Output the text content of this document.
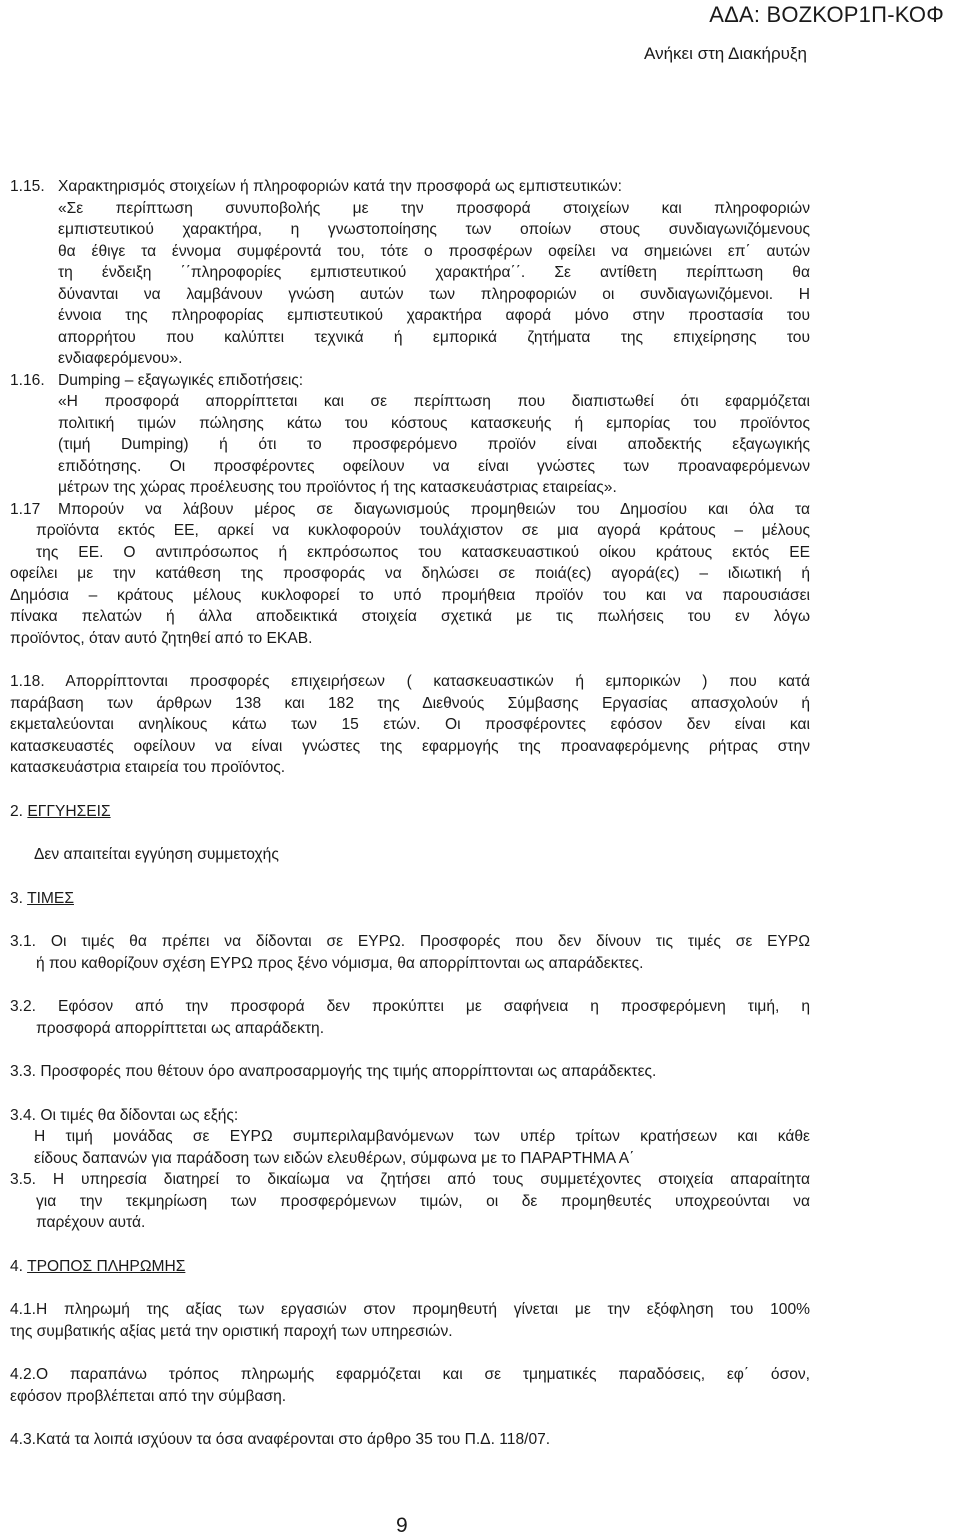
ΑΔΑ: ΒΟΖΚΟΡ1Π-ΚΟΦ
Ανήκει στη Διακήρυξη
1.15. Χαρακτηρισμός στοιχείων ή πληροφοριών κατά την προσφορά ως εμπιστευτικών:
«Σε περίπτωση συνυποβολής με την προσφορά στοιχείων και πληροφοριών
εμπιστευτικού χαρακτήρα, η γνωστοποίησης των οποίων στους συνδιαγωνιζόμενους
θα έθιγε τα έννομα συμφέροντά του, τότε ο προσφέρων οφείλει να σημειώνει επ΄ αυτών
τη ένδειξη ΄΄πληροφορίες εμπιστευτικού χαρακτήρα΄΄. Σε αντίθετη περίπτωση θα
δύνανται να λαμβάνουν γνώση αυτών των πληροφοριών οι συνδιαγωνιζόμενοι. Η
έννοια της πληροφορίας εμπιστευτικού χαρακτήρα αφορά μόνο στην προστασία του
απορρήτου που καλύπτει τεχνικά ή εμπορικά ζητήματα της επιχείρησης του
ενδιαφερόμενου».
1.16. Dumping – εξαγωγικές επιδοτήσεις:
«Η προσφορά απορρίπτεται και σε περίπτωση που διαπιστωθεί ότι εφαρμόζεται
πολιτική τιμών πώλησης κάτω του κόστους κατασκευής ή εμπορίας του προϊόντος
(τιμή Dumping) ή ότι το προσφερόμενο προϊόν είναι αποδεκτής εξαγωγικής
επιδότησης. Οι προσφέροντες οφείλουν να είναι γνώστες των προαναφερόμενων
μέτρων της χώρας προέλευσης του προϊόντος ή της κατασκευάστριας εταιρείας».
1.17	Μπορούν να λάβουν μέρος σε διαγωνισμούς προμηθειών του Δημοσίου και όλα τα
προϊόντα εκτός ΕΕ, αρκεί να κυκλοφορούν τουλάχιστον σε μια αγορά κράτους – μέλους
της ΕΕ. Ο αντιπρόσωπος ή εκπρόσωπος του κατασκευαστικού οίκου κράτους εκτός ΕΕ
οφείλει με την κατάθεση της προσφοράς να δηλώσει σε ποιά(ες) αγορά(ες) – ιδιωτική ή
Δημόσια – κράτους μέλους κυκλοφορεί το υπό προμήθεια προϊόν του και να παρουσιάσει
πίνακα πελατών ή άλλα αποδεικτικά στοιχεία σχετικά με τις πωλήσεις του εν λόγω
προϊόντος, όταν αυτό ζητηθεί από το ΕΚΑΒ.
1.18. Απορρίπτονται προσφορές επιχειρήσεων ( κατασκευαστικών ή εμπορικών ) που κατά
παράβαση των άρθρων 138 και 182 της Διεθνούς Σύμβασης Εργασίας απασχολούν ή
εκμεταλεύονται ανηλίκους κάτω των 15 ετών. Οι προσφέροντες εφόσον δεν είναι και
κατασκευαστές οφείλουν να είναι γνώστες της εφαρμογής της προαναφερόμενης ρήτρας στην
κατασκευάστρια εταιρεία του προϊόντος.
2. ΕΓΓΥΗΣΕΙΣ
Δεν απαιτείται εγγύηση συμμετοχής
3. ΤΙΜΕΣ
3.1. Οι τιμές θα πρέπει να δίδονται σε ΕΥΡΩ. Προσφορές που δεν δίνουν τις τιμές σε ΕΥΡΩ
ή που καθορίζουν σχέση ΕΥΡΩ προς ξένο νόμισμα, θα απορρίπτονται ως απαράδεκτες.
3.2. Εφόσον από την προσφορά δεν προκύπτει με σαφήνεια η προσφερόμενη τιμή, η
προσφορά απορρίπτεται ως απαράδεκτη.
3.3. Προσφορές που θέτουν όρο αναπροσαρμογής της τιμής απορρίπτονται ως απαράδεκτες.
3.4. Οι τιμές θα δίδονται ως εξής:
Η τιμή μονάδας σε ΕΥΡΩ συμπεριλαμβανόμενων των υπέρ τρίτων κρατήσεων και κάθε
είδους δαπανών για παράδοση των ειδών ελευθέρων, σύμφωνα με το ΠΑΡΑΡΤΗΜΑ Α΄
3.5. Η υπηρεσία διατηρεί το δικαίωμα να ζητήσει από τους συμμετέχοντες στοιχεία απαραίτητα
για την τεκμηρίωση των προσφερόμενων τιμών, οι δε προμηθευτές υποχρεούνται να
παρέχουν αυτά.
4. ΤΡΟΠΟΣ ΠΛΗΡΩΜΗΣ
4.1.Η πληρωμή της αξίας των εργασιών στον προμηθευτή γίνεται με την εξόφληση του 100%
της συμβατικής αξίας μετά την οριστική παροχή των υπηρεσιών.
4.2.Ο παραπάνω τρόπος πληρωμής εφαρμόζεται και σε τμηματικές παραδόσεις, εφ΄ όσον,
εφόσον προβλέπεται από την σύμβαση.
4.3.Κατά τα λοιπά ισχύουν τα όσα αναφέρονται στο άρθρο 35 του Π.Δ. 118/07.
9
